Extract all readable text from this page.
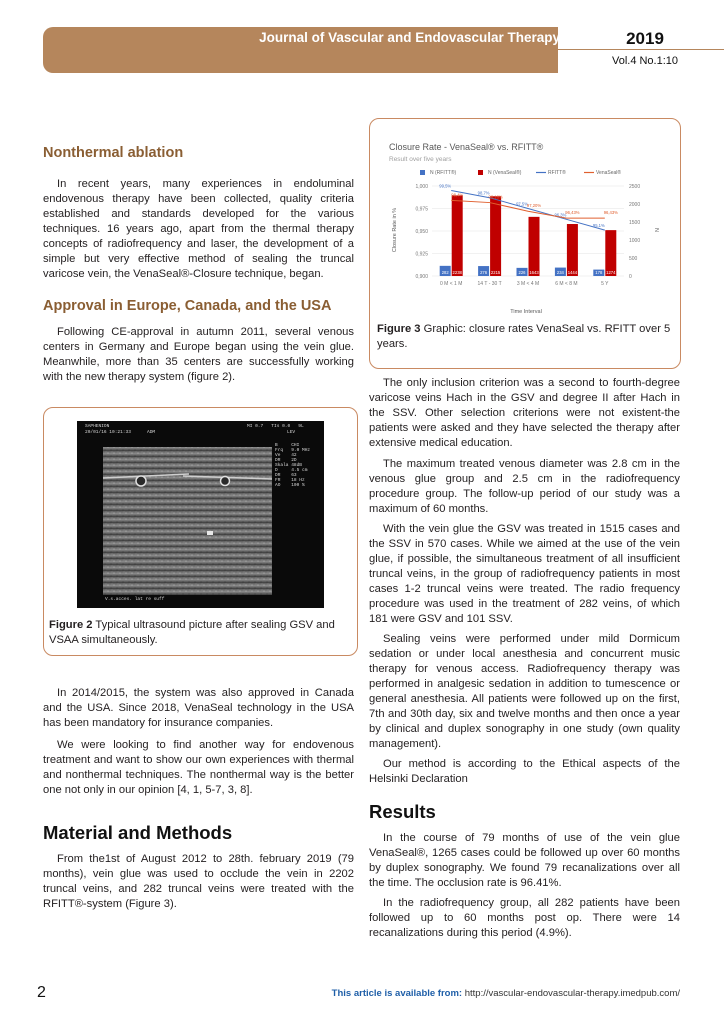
Journal of Vascular and Endovascular Therapy	2019
Vol.4 No.1:10
Nonthermal ablation
In recent years, many experiences in endoluminal endovenous therapy have been collected, quality criteria established and standards developed for the various techniques. 16 years ago, apart from the thermal therapy concepts of radiofrequency and laser, the development of a simple but very effective method of sealing the truncal varicose vein, the VenaSeal®-Closure technique, began.
Approval in Europe, Canada, and the USA
Following CE-approval in autumn 2011, several venous centers in Germany and Europe began using the vein glue. Meanwhile, more than 35 centers are successfully working with the new therapy system (figure 2).
SAPHENION
20/01/16 10:21:33	ADM
MI 0.7   TIs 0.0   9L
LEV
B     CHI
Frq   9.0 MHz
Ve    42
DR    2D
Skala 48dB
D     4.5 cm
DR    63
FR    18 Hz
AO    100 %
V.s.acces. lat re suff
Figure 2 Typical ultrasound picture after sealing GSV and VSAA simultaneously.
In 2014/2015, the system was also approved in Canada and the USA. Since 2018, VenaSeal technology in the USA has been mandatory for insurance companies.
We were looking to find another way for endovenous treatment and want to show our own experiences with thermal and nonthermal techniques. The nonthermal way is the better one not only in our opinion [4, 1, 5-7, 3, 8].
Material and Methods
From the1st of August 2012 to 28th. february 2019 (79 months), vein glue was used to occlude the vein in 2202 truncal veins, and 282 truncal veins were treated with the RFITT®-system (Figure 3).
Closure Rate - VenaSeal® vs. RFITT®
Result over five years
N (RFITT®)	N (VenaSeal®)	RFITT®	VenaSeal®
0,900
0,925
0,950
0,975
1,000
0
500
1000
1500
2000
2500
0 M < 1 M	14 T - 30 T	3 M < 4 M	6 M < 8 M	5 Y
282	276	226	234	178
2238	2215	1643	1444	1274
99,5%
98,7%
97,5%
96,3%
95,1%
98,4%	98,16%
97,20%
96,43%	96,43%
Time Interval
Closure Rate in %	N
Figure 3 Graphic: closure rates VenaSeal vs. RFITT over 5 years.
The only inclusion criterion was a second to fourth-degree varicose veins Hach in the GSV and degree II after Hach in the SSV. Other selection criterions were not existent-the patients were asked and they have selected the therapy after extensive medical education.
The maximum treated venous diameter was 2.8 cm in the venous glue group and 2.5 cm in the radiofrequency procedure group. The follow-up period of our study was a maximum of 60 months.
With the vein glue the GSV was treated in 1515 cases and the SSV in 570 cases. While we aimed at the use of the vein glue, if possible, the simultaneous treatment of all insufficient truncal veins, in the group of radiofrequency patients in most cases 1-2 truncal veins were treated. The radio frequency procedure was used in the treatment of 282 veins, of which 181 were GSV and 101 SSV.
Sealing veins were performed under mild Dormicum sedation or under local anesthesia and concurrent music therapy for venous access. Radiofrequency therapy was performed in analgesic sedation in addition to tumescence or general anesthesia. All patients were followed up on the first, 7th and 30th day, six and twelve months and then once a year by clinical and duplex sonography in one study (own quality management).
Our method is according to the Ethical aspects of the Helsinki Declaration
Results
In the course of 79 months of use of the vein glue VenaSeal®, 1265 cases could be followed up over 60 months by duplex sonography. We found 79 recanalizations over all the time. The occlusion rate is 96.41%.
In the radiofrequency group, all 282 patients have been followed up to 60 months post op. There were 14 recanalizations during this period (4.9%).
2	This article is available from: http://vascular-endovascular-therapy.imedpub.com/
